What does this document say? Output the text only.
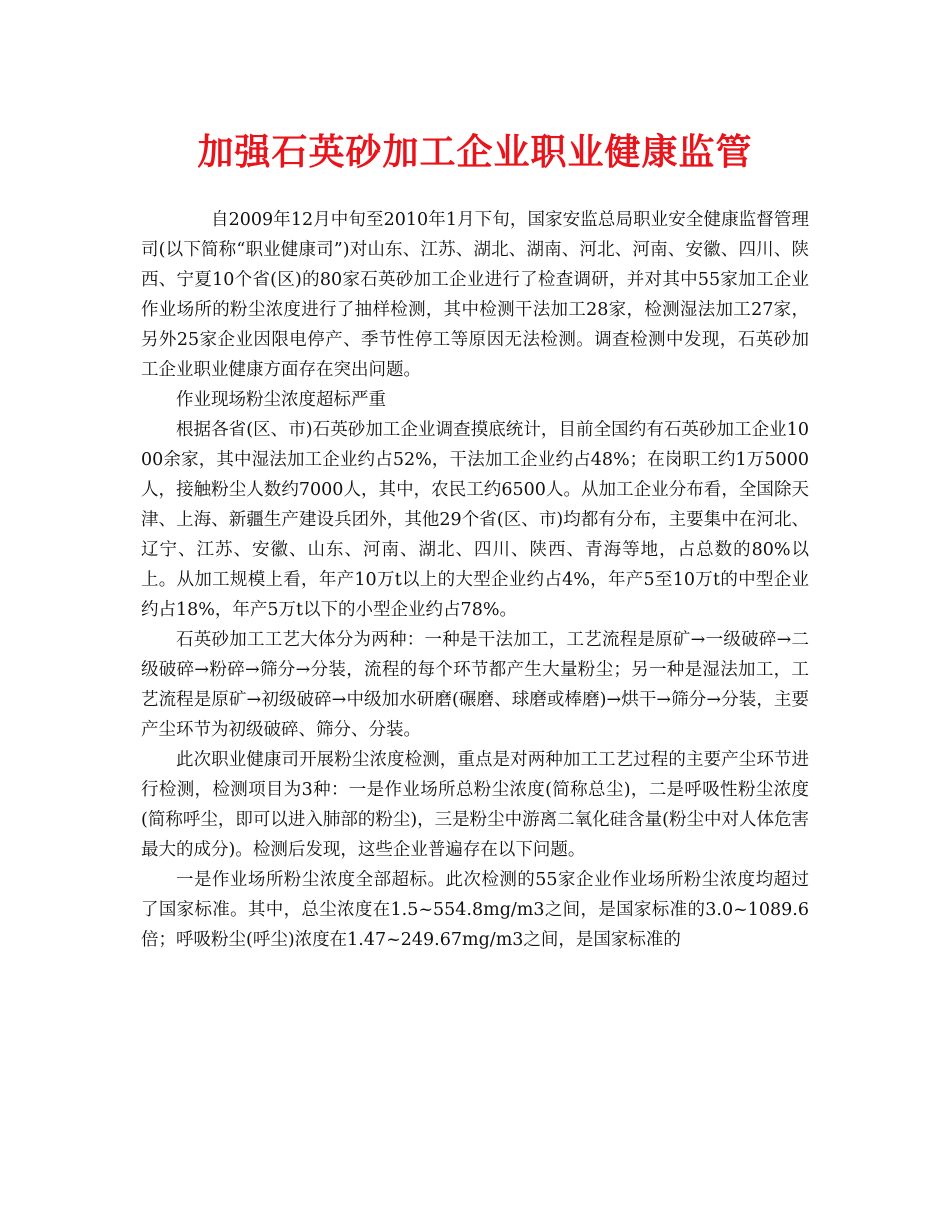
加强石英砂加工企业职业健康监管

自2009年12月中旬至2010年1月下旬，国家安监总局职业安全健康监督管理司(以下简称“职业健康司”)对山东、江苏、湖北、湖南、河北、河南、安徽、四川、陕西、宁夏10个省(区)的80家石英砂加工企业进行了检查调研，并对其中55家加工企业作业场所的粉尘浓度进行了抽样检测，其中检测干法加工28家，检测湿法加工27家，另外25家企业因限电停产、季节性停工等原因无法检测。调查检测中发现，石英砂加工企业职业健康方面存在突出问题。

作业现场粉尘浓度超标严重

根据各省(区、市)石英砂加工企业调查摸底统计，目前全国约有石英砂加工企业1000余家，其中湿法加工企业约占52%，干法加工企业约占48%；在岗职工约1万5000人，接触粉尘人数约7000人，其中，农民工约6500人。从加工企业分布看，全国除天津、上海、新疆生产建设兵团外，其他29个省(区、市)均都有分布，主要集中在河北、辽宁、江苏、安徽、山东、河南、湖北、四川、陕西、青海等地，占总数的80%以上。从加工规模上看，年产10万t以上的大型企业约占4%，年产5至10万t的中型企业约占18%，年产5万t以下的小型企业约占78%。

石英砂加工工艺大体分为两种：一种是干法加工，工艺流程是原矿→一级破碎→二级破碎→粉碎→筛分→分装，流程的每个环节都产生大量粉尘；另一种是湿法加工，工艺流程是原矿→初级破碎→中级加水研磨(碾磨、球磨或棒磨)→烘干→筛分→分装，主要产尘环节为初级破碎、筛分、分装。

此次职业健康司开展粉尘浓度检测，重点是对两种加工工艺过程的主要产尘环节进行检测，检测项目为3种：一是作业场所总粉尘浓度(简称总尘)，二是呼吸性粉尘浓度(简称呼尘，即可以进入肺部的粉尘)，三是粉尘中游离二氧化硅含量(粉尘中对人体危害最大的成分)。检测后发现，这些企业普遍存在以下问题。

一是作业场所粉尘浓度全部超标。此次检测的55家企业作业场所粉尘浓度均超过了国家标准。其中，总尘浓度在1.5~554.8mg/m3之间，是国家标准的3.0~1089.6倍；呼吸粉尘(呼尘)浓度在1.47~249.67mg/m3之间，是国家标准的
